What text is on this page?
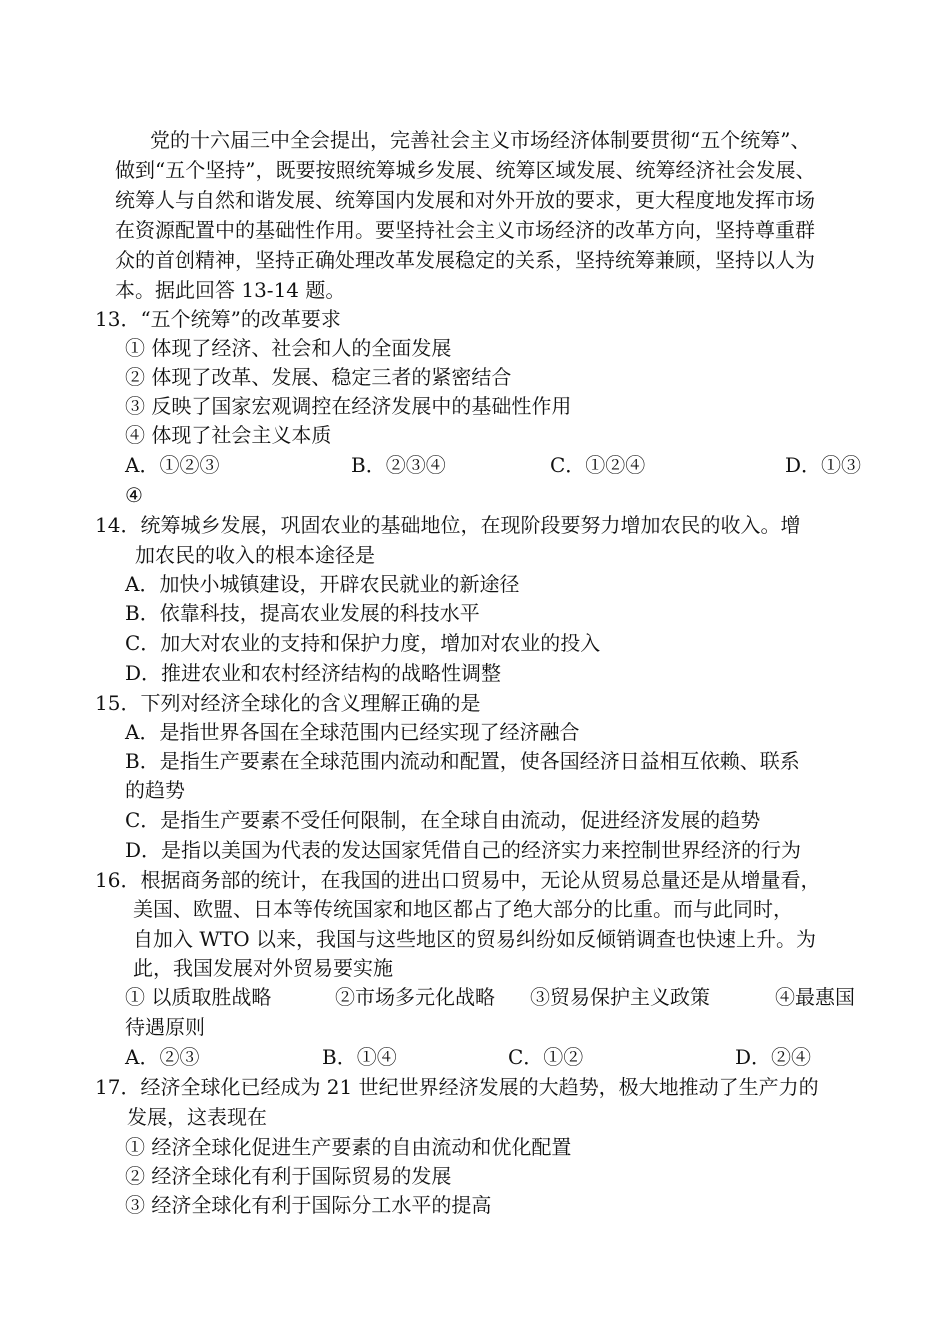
党的十六届三中全会提出，完善社会主义市场经济体制要贯彻“五个统筹”、
做到“五个坚持”，既要按照统筹城乡发展、统筹区域发展、统筹经济社会发展、
统筹人与自然和谐发展、统筹国内发展和对外开放的要求，更大程度地发挥市场
在资源配置中的基础性作用。要坚持社会主义市场经济的改革方向，坚持尊重群
众的首创精神，坚持正确处理改革发展稳定的关系，坚持统筹兼顾，坚持以人为
本。据此回答 13-14 题。
13．“五个统筹”的改革要求
① 体现了经济、社会和人的全面发展
② 体现了改革、发展、稳定三者的紧密结合
③ 反映了国家宏观调控在经济发展中的基础性作用
④ 体现了社会主义本质
A．①②③	B．②③④	C．①②④	D．①③
④
14．统筹城乡发展，巩固农业的基础地位，在现阶段要努力增加农民的收入。增
加农民的收入的根本途径是
A．加快小城镇建设，开辟农民就业的新途径
B．依靠科技，提高农业发展的科技水平
C．加大对农业的支持和保护力度，增加对农业的投入
D．推进农业和农村经济结构的战略性调整
15．下列对经济全球化的含义理解正确的是
A．是指世界各国在全球范围内已经实现了经济融合
B．是指生产要素在全球范围内流动和配置，使各国经济日益相互依赖、联系
的趋势
C．是指生产要素不受任何限制，在全球自由流动，促进经济发展的趋势
D．是指以美国为代表的发达国家凭借自己的经济实力来控制世界经济的行为
16．根据商务部的统计，在我国的进出口贸易中，无论从贸易总量还是从增量看，
美国、欧盟、日本等传统国家和地区都占了绝大部分的比重。而与此同时，
自加入 WTO 以来，我国与这些地区的贸易纠纷如反倾销调查也快速上升。为
此，我国发展对外贸易要实施
① 以质取胜战略	②市场多元化战略 ③贸易保护主义政策	④最惠国
待遇原则
A．②③	B．①④	C．①②	D．②④
17．经济全球化已经成为 21 世纪世界经济发展的大趋势，极大地推动了生产力的
发展，这表现在
① 经济全球化促进生产要素的自由流动和优化配置
② 经济全球化有利于国际贸易的发展
③ 经济全球化有利于国际分工水平的提高
